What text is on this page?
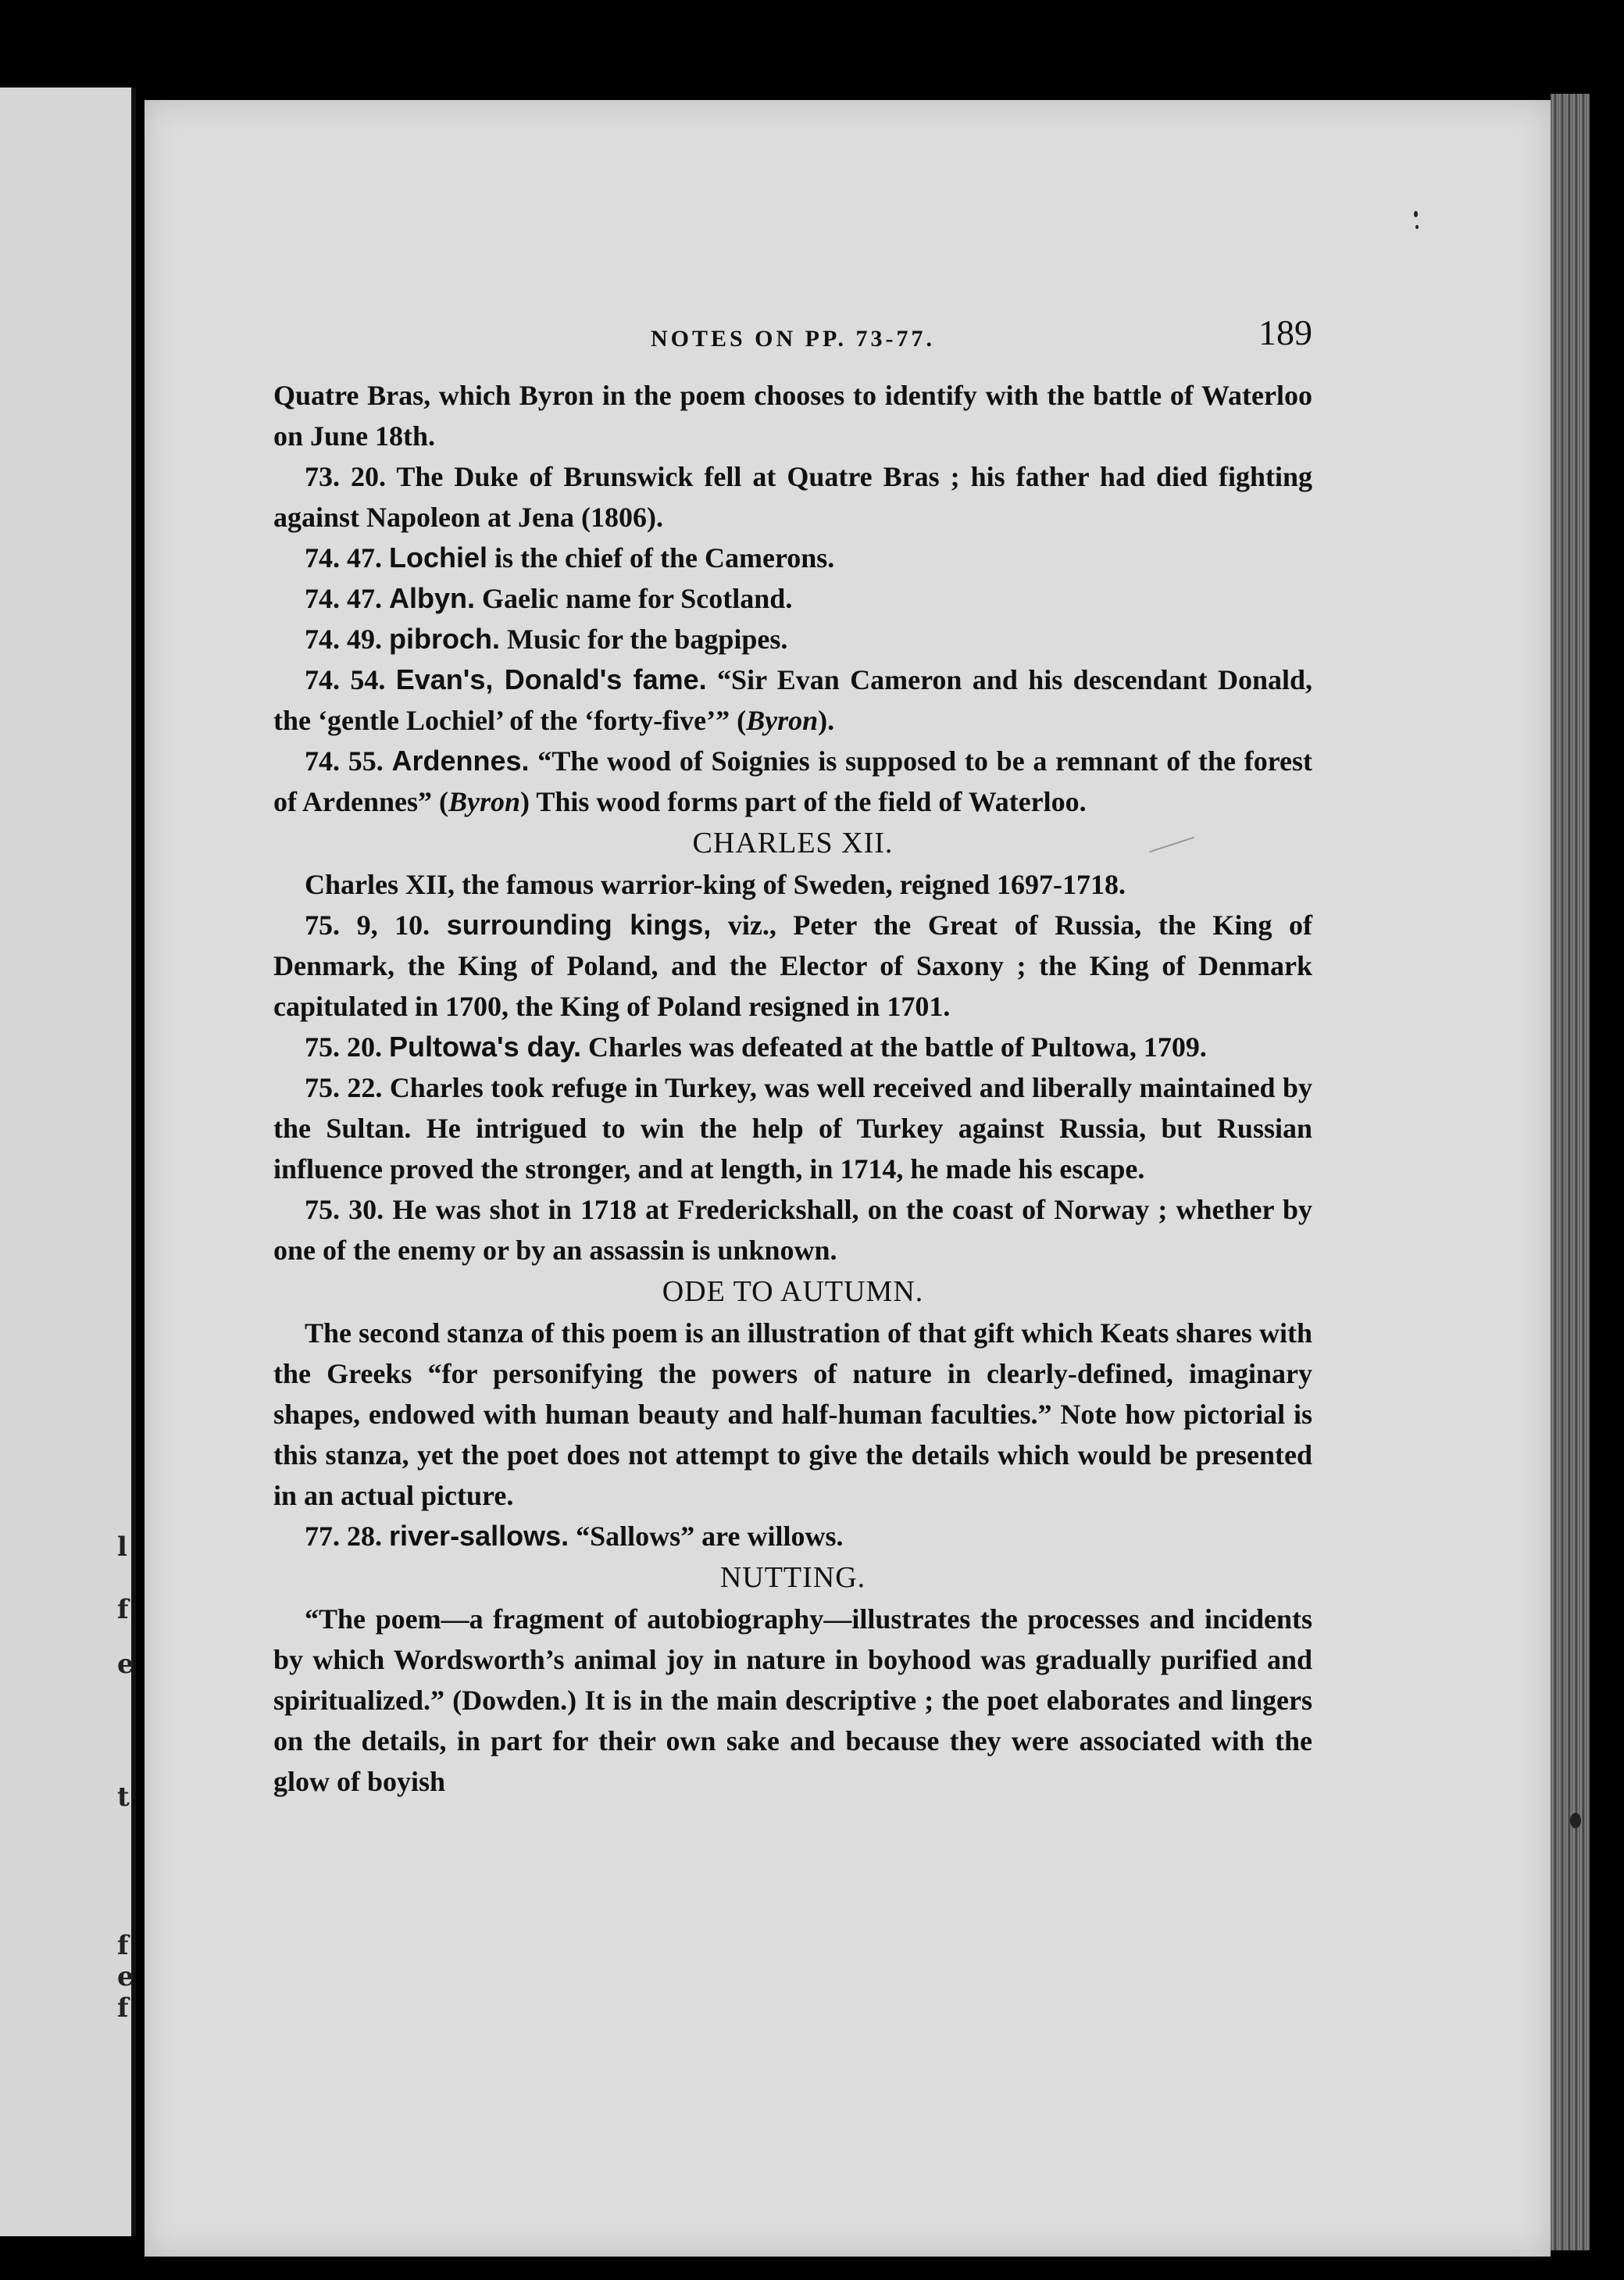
l
f
e
t
f
e
f
NOTES ON PP. 73-77.	189

Quatre Bras, which Byron in the poem chooses to identify with the battle of Waterloo on June 18th.

73. 20. The Duke of Brunswick fell at Quatre Bras ; his father had died fighting against Napoleon at Jena (1806).

74. 47. Lochiel is the chief of the Camerons.

74. 47. Albyn. Gaelic name for Scotland.

74. 49. pibroch. Music for the bagpipes.

74. 54. Evan's, Donald's fame. “Sir Evan Cameron and his descendant Donald, the ‘gentle Lochiel’ of the ‘forty-five’” (Byron).

74. 55. Ardennes. “The wood of Soignies is supposed to be a remnant of the forest of Ardennes” (Byron) This wood forms part of the field of Waterloo.

CHARLES XII.

Charles XII, the famous warrior-king of Sweden, reigned 1697-1718.

75. 9, 10. surrounding kings, viz., Peter the Great of Russia, the King of Denmark, the King of Poland, and the Elector of Saxony ; the King of Denmark capitulated in 1700, the King of Poland resigned in 1701.

75. 20. Pultowa's day. Charles was defeated at the battle of Pultowa, 1709.

75. 22. Charles took refuge in Turkey, was well received and liberally maintained by the Sultan. He intrigued to win the help of Turkey against Russia, but Russian influence proved the stronger, and at length, in 1714, he made his escape.

75. 30. He was shot in 1718 at Frederickshall, on the coast of Norway ; whether by one of the enemy or by an assassin is unknown.

ODE TO AUTUMN.

The second stanza of this poem is an illustration of that gift which Keats shares with the Greeks “for personifying the powers of nature in clearly-defined, imaginary shapes, endowed with human beauty and half-human faculties.” Note how pictorial is this stanza, yet the poet does not attempt to give the details which would be presented in an actual picture.

77. 28. river-sallows. “Sallows” are willows.

NUTTING.

“The poem—a fragment of autobiography—illustrates the processes and incidents by which Wordsworth’s animal joy in nature in boyhood was gradually purified and spiritualized.” (Dowden.) It is in the main descriptive ; the poet elaborates and lingers on the details, in part for their own sake and because they were associated with the glow of boyish
